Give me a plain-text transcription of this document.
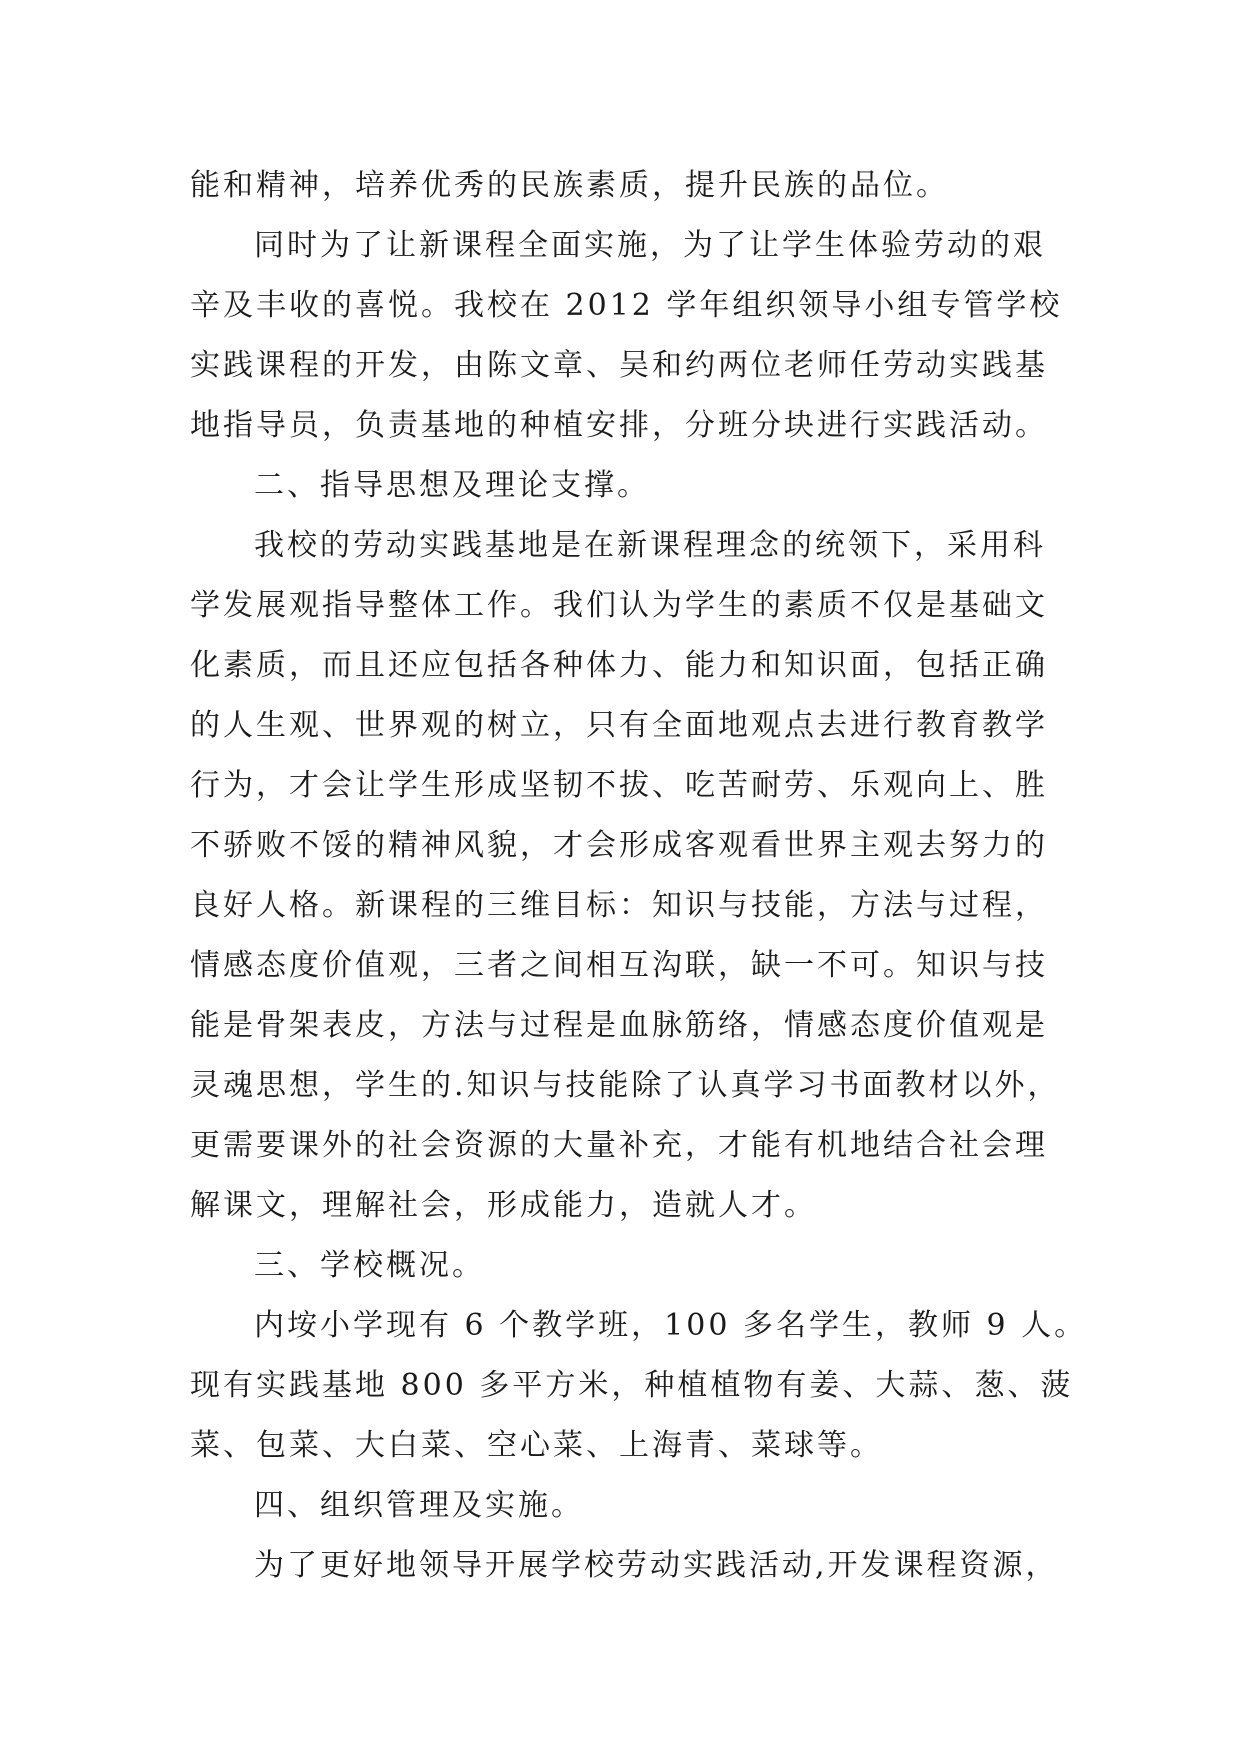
能和精神，培养优秀的民族素质，提升民族的品位。
同时为了让新课程全面实施，为了让学生体验劳动的艰
辛及丰收的喜悦。我校在 2012 学年组织领导小组专管学校
实践课程的开发，由陈文章、吴和约两位老师任劳动实践基
地指导员，负责基地的种植安排，分班分块进行实践活动。
二、指导思想及理论支撑。
我校的劳动实践基地是在新课程理念的统领下，采用科
学发展观指导整体工作。我们认为学生的素质不仅是基础文
化素质，而且还应包括各种体力、能力和知识面，包括正确
的人生观、世界观的树立，只有全面地观点去进行教育教学
行为，才会让学生形成坚韧不拔、吃苦耐劳、乐观向上、胜
不骄败不馁的精神风貌，才会形成客观看世界主观去努力的
良好人格。新课程的三维目标：知识与技能，方法与过程，
情感态度价值观，三者之间相互沟联，缺一不可。知识与技
能是骨架表皮，方法与过程是血脉筋络，情感态度价值观是
灵魂思想，学生的.知识与技能除了认真学习书面教材以外，
更需要课外的社会资源的大量补充，才能有机地结合社会理
解课文，理解社会，形成能力，造就人才。
三、学校概况。
内垵小学现有 6 个教学班，100 多名学生，教师 9 人。
现有实践基地 800 多平方米，种植植物有姜、大蒜、葱、菠
菜、包菜、大白菜、空心菜、上海青、菜球等。
四、组织管理及实施。
为了更好地领导开展学校劳动实践活动,开发课程资源，
